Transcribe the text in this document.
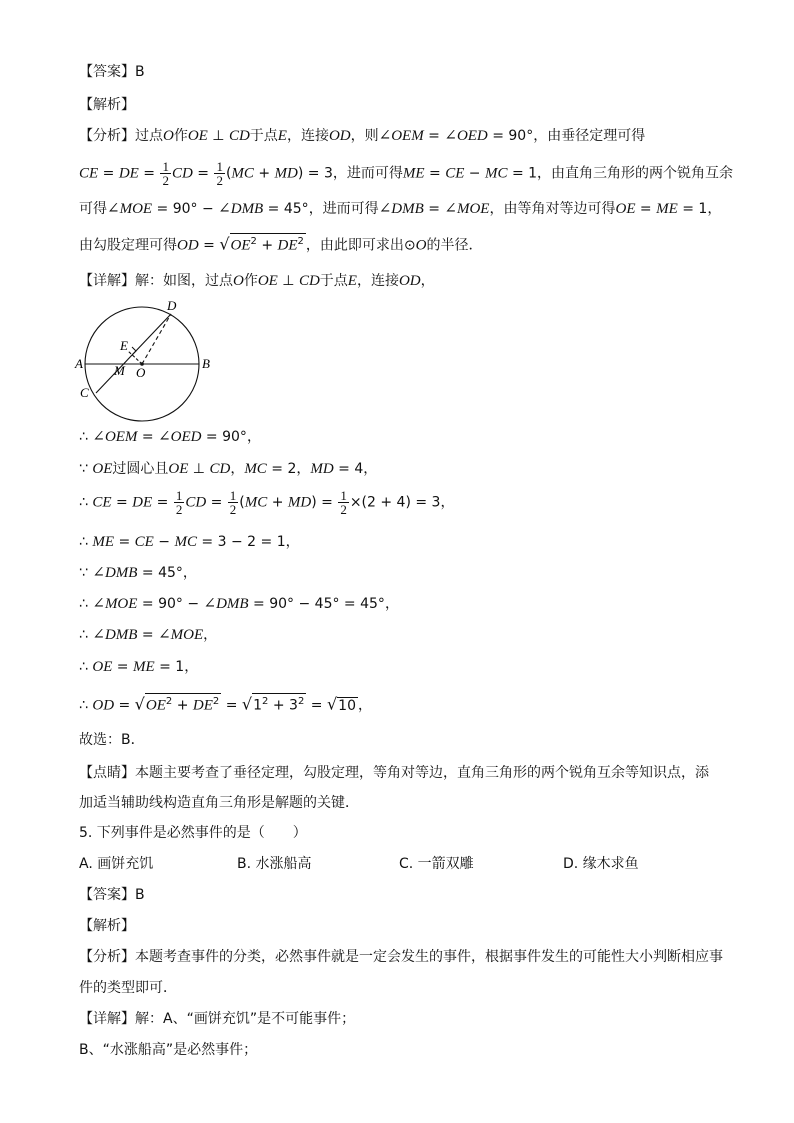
【答案】B
【解析】
【分析】过点O作OE ⊥ CD于点E，连接OD，则∠OEM = ∠OED = 90°，由垂径定理可得
CE = DE = $\frac{1}{2}$ CD = $\frac{1}{2} (MC + MD) = 3$，进而可得ME = CE − MC = 1，由直角三角形的两个锐角互余
可得∠MOE = 90° − ∠DMB = 45°，进而可得∠DMB = ∠MOE，由等角对等边可得OE = ME = 1，
由勾股定理可得OD = $√OE^2 + DE^2$ ，由此即可求出⊙O的半径．
【详解】解：如图，过点O作OE ⊥ CD于点E，连接OD，
D
E
A M O
B
C
∴ ∠OEM = ∠OED = 90°，
∵ OE过圆心且OE ⊥ CD，MC = 2，MD = 4，
∴ CE = DE = $\frac{1}{2}$ CD = $\frac{1}{2} (MC + MD) = \frac{1}{2} \times(2 + 4) = 3$，
∴ ME = CE − MC = 3 − 2 = 1，
∵ ∠DMB = 45°，
∴ ∠MOE = 90° − ∠DMB = 90° − 45° = 45°，
∴ ∠DMB = ∠MOE，
∴ OE = ME = 1，
∴ OD = $√OE^2 + DE^2 = √1^2 + 3^2 = √10$ ，
故选：B．
【点睛】本题主要考查了垂径定理，勾股定理，等角对等边，直角三角形的两个锐角互余等知识点，添
加适当辅助线构造直角三角形是解题的关键．
5. 下列事件是必然事件的是（　　）
A. 画饼充饥	B. 水涨船高	C. 一箭双雕	D. 缘木求鱼
【答案】B
【解析】
【分析】本题考查事件的分类，必然事件就是一定会发生的事件，根据事件发生的可能性大小判断相应事
件的类型即可．
【详解】解：A、“画饼充饥”是不可能事件；
B、“水涨船高”是必然事件；
